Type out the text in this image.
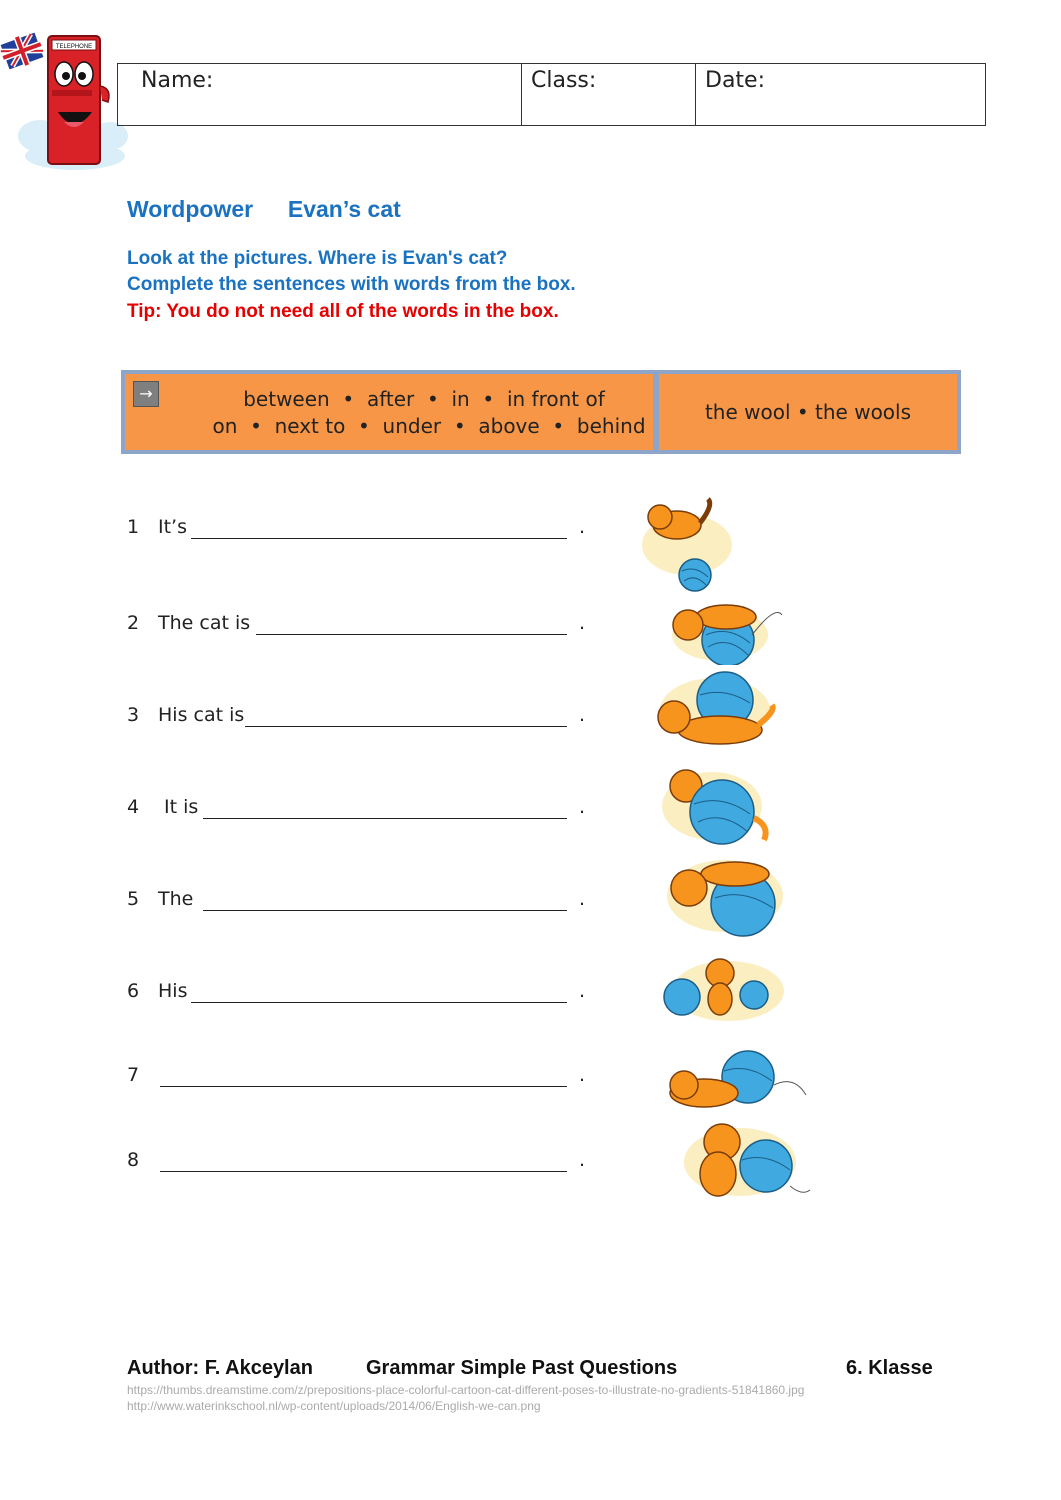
TELEPHONE
Name:	Class:	Date:
Wordpower Evan’s cat
Look at the pictures. Where is Evan's cat?
Complete the sentences with words from the box.
Tip: You do not need all of the words in the box.
→	between  •  after  •  in  •  in front of
on  •  next to  •  under  •  above  •  behind
the wool • the wools
1 It’s	.
2 The cat is	.
3 His cat is	.
4 It is	.
5 The	.
6 His	.
7	.
8	.
Author: F. Akceylan	Grammar Simple Past Questions	6. Klasse
https://thumbs.dreamstime.com/z/prepositions-place-colorful-cartoon-cat-different-poses-to-illustrate-no-gradients-51841860.jpg
http://www.waterinkschool.nl/wp-content/uploads/2014/06/English-we-can.png
